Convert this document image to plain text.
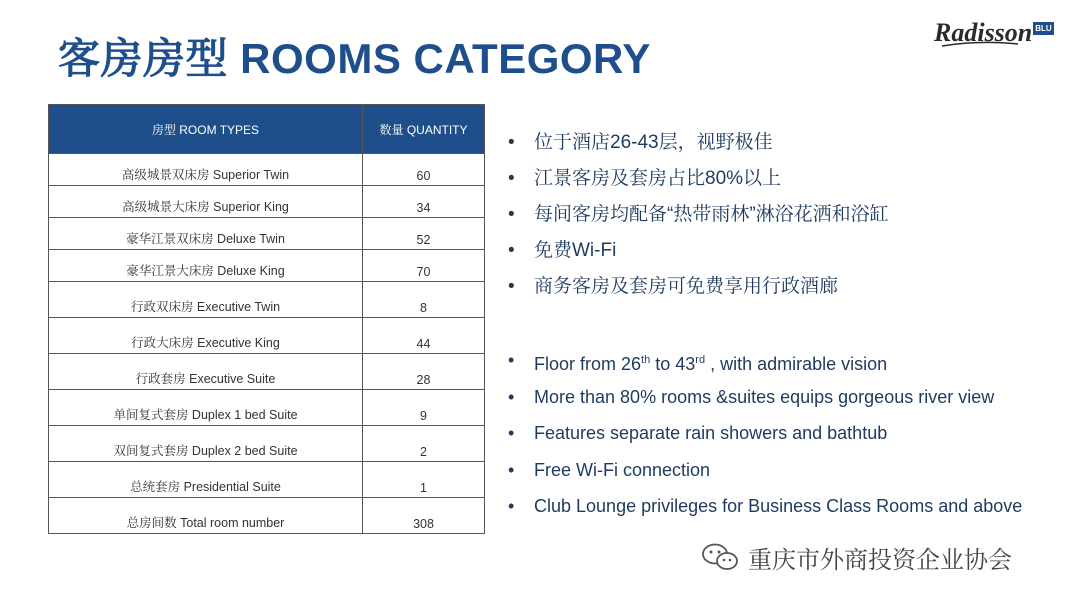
客房房型 ROOMS CATEGORY
Radisson BLU
房型 ROOM TYPES	数量 QUANTITY
高级城景双床房 Superior Twin	60
高级城景大床房 Superior King	34
豪华江景双床房 Deluxe Twin	52
豪华江景大床房 Deluxe King	70
行政双床房 Executive Twin	8
行政大床房 Executive King	44
行政套房 Executive Suite	28
单间复式套房 Duplex 1 bed Suite	9
双间复式套房 Duplex 2 bed Suite	2
总统套房 Presidential Suite	1
总房间数 Total room number	308
• 位于酒店26-43层，视野极佳
• 江景客房及套房占比80%以上
• 每间客房均配备“热带雨林”淋浴花洒和浴缸
• 免费Wi-Fi
• 商务客房及套房可免费享用行政酒廊
• Floor from 26th to 43rd , with admirable vision
• More than 80% rooms &suites equips gorgeous river view
• Features separate rain showers and bathtub
• Free Wi-Fi connection
• Club Lounge privileges for Business Class Rooms and above
重庆市外商投资企业协会
